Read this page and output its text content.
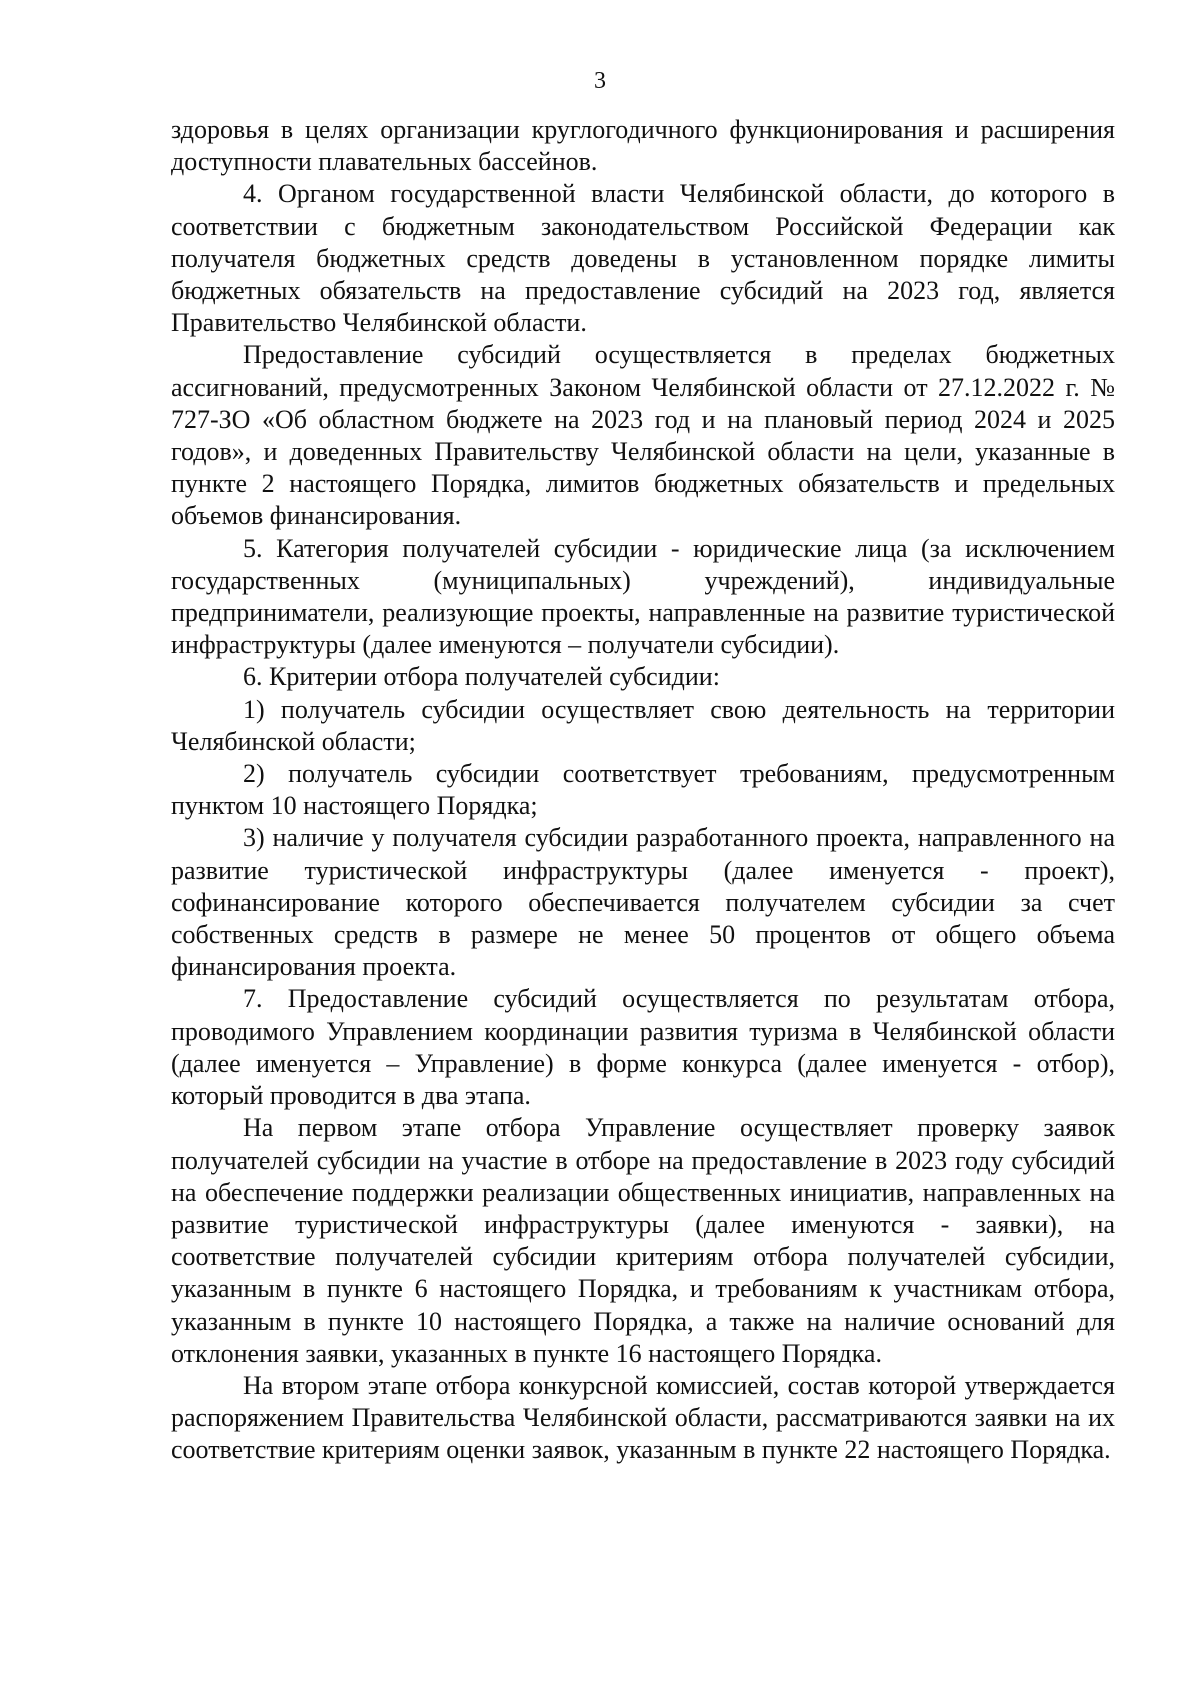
3

здоровья в целях организации круглогодичного функционирования и расширения доступности плавательных бассейнов.

4. Органом государственной власти Челябинской области, до которого в соответствии с бюджетным законодательством Российской Федерации как получателя бюджетных средств доведены в установленном порядке лимиты бюджетных обязательств на предоставление субсидий на 2023 год, является Правительство Челябинской области.

Предоставление субсидий осуществляется в пределах бюджетных ассигнований, предусмотренных Законом Челябинской области от 27.12.2022 г. № 727-ЗО «Об областном бюджете на 2023 год и на плановый период 2024 и 2025 годов», и доведенных Правительству Челябинской области на цели, указанные в пункте 2 настоящего Порядка, лимитов бюджетных обязательств и предельных объемов финансирования.

5. Категория получателей субсидии - юридические лица (за исключением государственных (муниципальных) учреждений), индивидуальные предприниматели, реализующие проекты, направленные на развитие туристической инфраструктуры (далее именуются – получатели субсидии).

6. Критерии отбора получателей субсидии:

1) получатель субсидии осуществляет свою деятельность на территории Челябинской области;

2) получатель субсидии соответствует требованиям, предусмотренным пунктом 10 настоящего Порядка;

3) наличие у получателя субсидии разработанного проекта, направленного на развитие туристической инфраструктуры (далее именуется - проект), софинансирование которого обеспечивается получателем субсидии за счет собственных средств в размере не менее 50 процентов от общего объема финансирования проекта.

7. Предоставление субсидий осуществляется по результатам отбора, проводимого Управлением координации развития туризма в Челябинской области (далее именуется – Управление) в форме конкурса (далее именуется - отбор), который проводится в два этапа.

На первом этапе отбора Управление осуществляет проверку заявок получателей субсидии на участие в отборе на предоставление в 2023 году субсидий на обеспечение поддержки реализации общественных инициатив, направленных на развитие туристической инфраструктуры (далее именуются - заявки), на соответствие получателей субсидии критериям отбора получателей субсидии, указанным в пункте 6 настоящего Порядка, и требованиям к участникам отбора, указанным в пункте 10 настоящего Порядка, а также на наличие оснований для отклонения заявки, указанных в пункте 16 настоящего Порядка.

На втором этапе отбора конкурсной комиссией, состав которой утверждается распоряжением Правительства Челябинской области, рассматриваются заявки на их соответствие критериям оценки заявок, указанным в пункте 22 настоящего Порядка.
